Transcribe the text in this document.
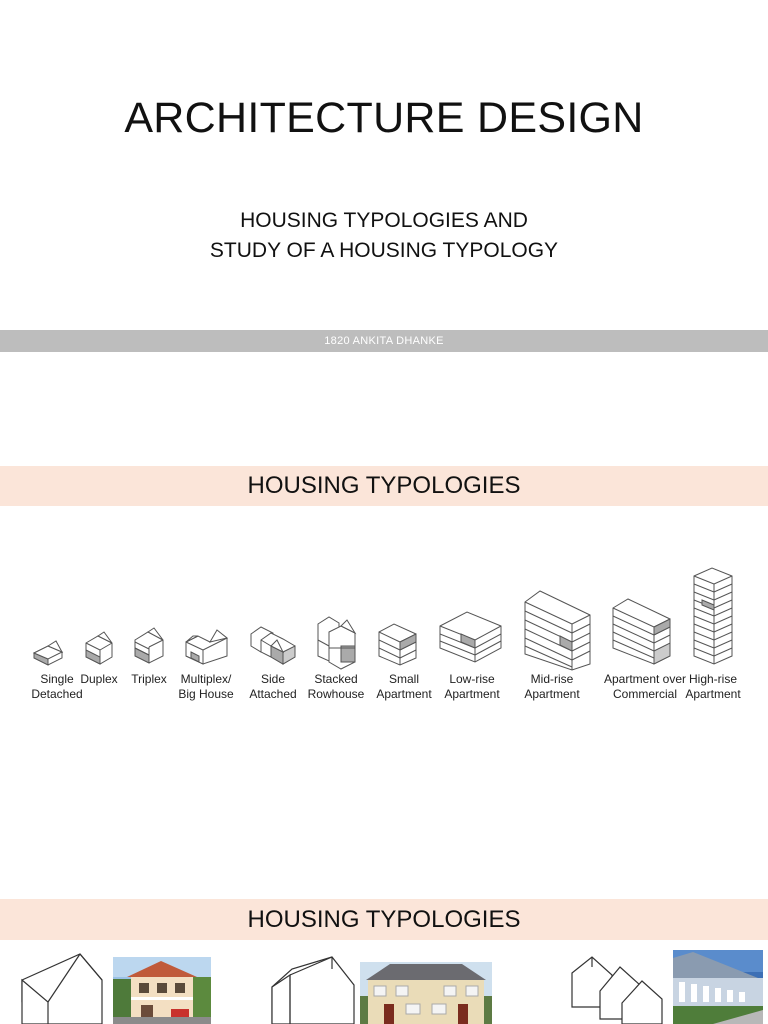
ARCHITECTURE DESIGN
HOUSING TYPOLOGIES AND
STUDY OF A HOUSING TYPOLOGY
1820 ANKITA DHANKE
HOUSING TYPOLOGIES
Single
Detached
Duplex	Triplex	Multiplex/
Big House
Side
Attached
Stacked
Rowhouse
Small
Apartment
Low-rise
Apartment
Mid-rise
Apartment
Apartment over
Commercial
High-rise
Apartment
HOUSING TYPOLOGIES
